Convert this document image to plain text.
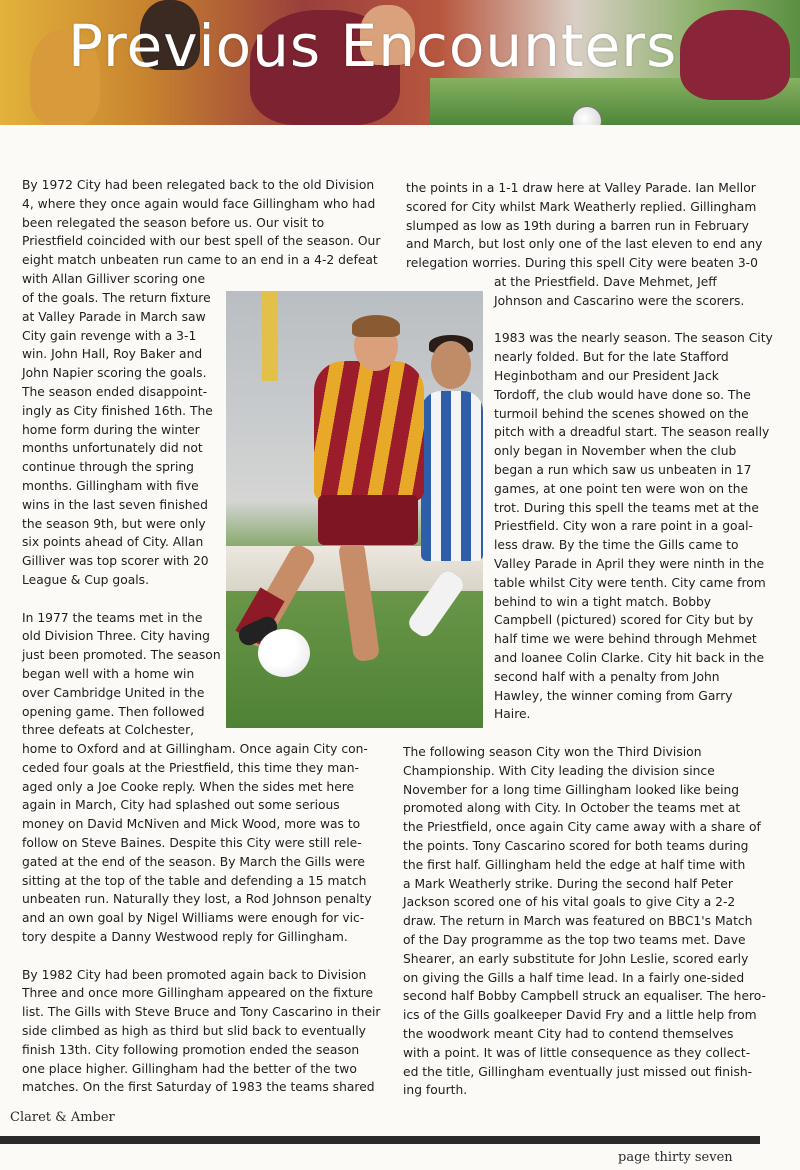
Previous Encounters
By 1972 City had been relegated back to the old Division
4, where they once again would face Gillingham who had
been relegated the season before us. Our visit to
Priestfield coincided with our best spell of the season. Our
eight match unbeaten run came to an end in a 4-2 defeat
with Allan Gilliver scoring one
of the goals. The return fixture
at Valley Parade in March saw
City gain revenge with a 3-1
win. John Hall, Roy Baker and
John Napier scoring the goals.
The season ended disappoint-
ingly as City finished 16th. The
home form during the winter
months unfortunately did not
continue through the spring
months. Gillingham with five
wins in the last seven finished
the season 9th, but were only
six points ahead of City. Allan
Gilliver was top scorer with 20
League & Cup goals.

In 1977 the teams met in the
old Division Three. City having
just been promoted. The season
began well with a home win
over Cambridge United in the
opening game. Then followed
three defeats at Colchester,
home to Oxford and at Gillingham. Once again City con-
ceded four goals at the Priestfield, this time they man-
aged only a Joe Cooke reply. When the sides met here
again in March, City had splashed out some serious
money on David McNiven and Mick Wood, more was to
follow on Steve Baines. Despite this City were still rele-
gated at the end of the season. By March the Gills were
sitting at the top of the table and defending a 15 match
unbeaten run. Naturally they lost, a Rod Johnson penalty
and an own goal by Nigel Williams were enough for vic-
tory despite a Danny Westwood reply for Gillingham.

By 1982 City had been promoted again back to Division
Three and once more Gillingham appeared on the fixture
list. The Gills with Steve Bruce and Tony Cascarino in their
side climbed as high as third but slid back to eventually
finish 13th. City following promotion ended the season
one place higher. Gillingham had the better of the two
matches. On the first Saturday of 1983 the teams shared
the points in a 1-1 draw here at Valley Parade. Ian Mellor
scored for City whilst Mark Weatherly replied. Gillingham
slumped as low as 19th during a barren run in February
and March, but lost only one of the last eleven to end any
relegation worries. During this spell City were beaten 3-0
at the Priestfield. Dave Mehmet, Jeff
Johnson and Cascarino were the scorers.

1983 was the nearly season. The season City
nearly folded. But for the late Stafford
Heginbotham and our President Jack
Tordoff, the club would have done so. The
turmoil behind the scenes showed on the
pitch with a dreadful start. The season really
only began in November when the club
began a run which saw us unbeaten in 17
games, at one point ten were won on the
trot. During this spell the teams met at the
Priestfield. City won a rare point in a goal-
less draw. By the time the Gills came to
Valley Parade in April they were ninth in the
table whilst City were tenth. City came from
behind to win a tight match. Bobby
Campbell (pictured) scored for City but by
half time we were behind through Mehmet
and loanee Colin Clarke. City hit back in the
second half with a penalty from John
Hawley, the winner coming from Garry
Haire.
The following season City won the Third Division
Championship. With City leading the division since
November for a long time Gillingham looked like being
promoted along with City. In October the teams met at
the Priestfield, once again City came away with a share of
the points. Tony Cascarino scored for both teams during
the first half. Gillingham held the edge at half time with
a Mark Weatherly strike. During the second half Peter
Jackson scored one of his vital goals to give City a 2-2
draw. The return in March was featured on BBC1's Match
of the Day programme as the top two teams met. Dave
Shearer, an early substitute for John Leslie, scored early
on giving the Gills a half time lead. In a fairly one-sided
second half Bobby Campbell struck an equaliser. The hero-
ics of the Gills goalkeeper David Fry and a little help from
the woodwork meant City had to contend themselves
with a point. It was of little consequence as they collect-
ed the title, Gillingham eventually just missed out finish-
ing fourth.
Claret & Amber
page thirty seven
